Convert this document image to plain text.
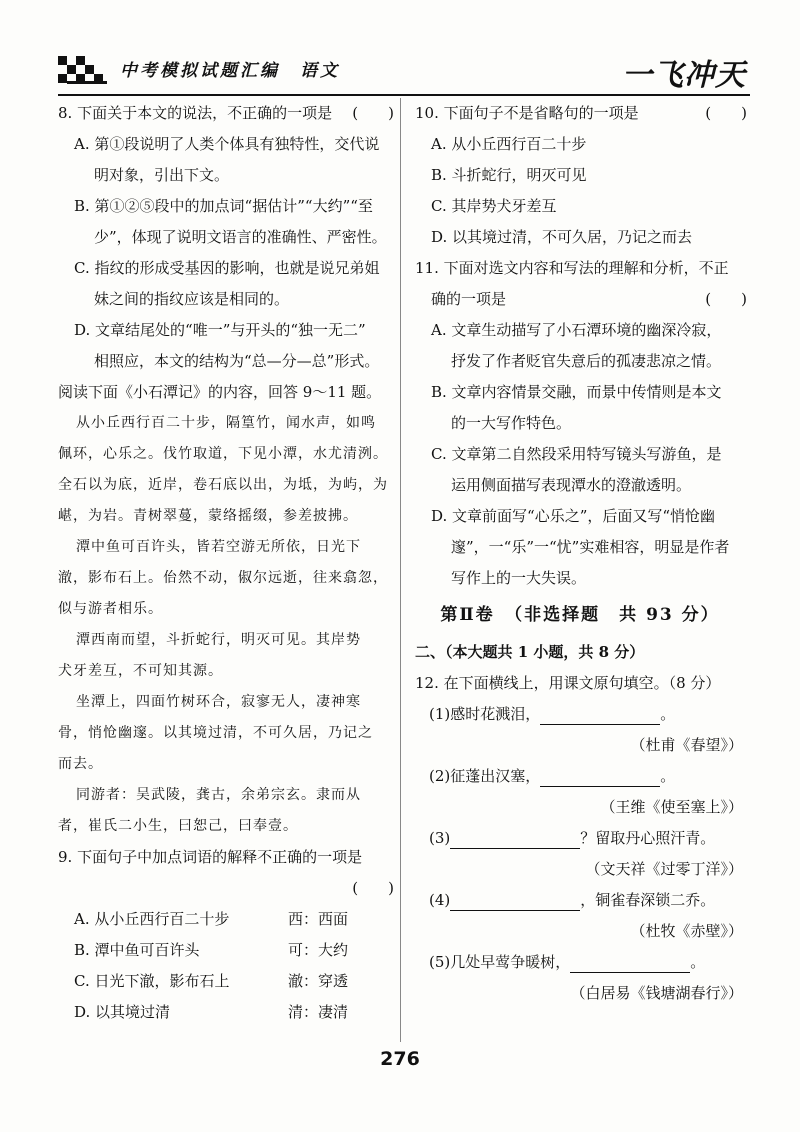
中考模拟试题汇编　语文	一飞冲天
8. 下面关于本文的说法，不正确的一项是 (　　)
A. 第①段说明了人类个体具有独特性，交代说
明对象，引出下文。
B. 第①②⑤段中的加点词“据估计”“大约”“至
少”，体现了说明文语言的准确性、严密性。
C. 指纹的形成受基因的影响，也就是说兄弟姐
妹之间的指纹应该是相同的。
D. 文章结尾处的“唯一”与开头的“独一无二”
相照应，本文的结构为“总—分—总”形式。
阅读下面《小石潭记》的内容，回答 9～11 题。
从小丘西行百二十步，隔篁竹，闻水声，如鸣
佩环，心乐之。伐竹取道，下见小潭，水尤清洌。
全石以为底，近岸，卷石底以出，为坻，为屿，为
嵁，为岩。青树翠蔓，蒙络摇缀，参差披拂。
潭中鱼可百许头，皆若空游无所依，日光下
澈，影布石上。佁然不动，俶尔远逝，往来翕忽，
似与游者相乐。
潭西南而望，斗折蛇行，明灭可见。其岸势
犬牙差互，不可知其源。
坐潭上，四面竹树环合，寂寥无人，凄神寒
骨，悄怆幽邃。以其境过清，不可久居，乃记之
而去。
同游者：吴武陵，龚古，余弟宗玄。隶而从
者，崔氏二小生，曰恕己，曰奉壹。
9. 下面句子中加点词语的解释不正确的一项是
(　　)
A. 从小丘西行百二十步	西：西面
B. 潭中鱼可百许头	可：大约
C. 日光下澈，影布石上	澈：穿透
D. 以其境过清	清：凄清
10. 下面句子不是省略句的一项是	(　　)
A. 从小丘西行百二十步
B. 斗折蛇行，明灭可见
C. 其岸势犬牙差互
D. 以其境过清，不可久居，乃记之而去
11. 下面对选文内容和写法的理解和分析，不正
确的一项是	(　　)
A. 文章生动描写了小石潭环境的幽深冷寂，
抒发了作者贬官失意后的孤凄悲凉之情。
B. 文章内容情景交融，而景中传情则是本文
的一大写作特色。
C. 文章第二自然段采用特写镜头写游鱼，是
运用侧面描写表现潭水的澄澈透明。
D. 文章前面写“心乐之”，后面又写“悄怆幽
邃”，一“乐”一“忧”实难相容，明显是作者
写作上的一大失误。
第Ⅱ卷　（非选择题　共 93 分）
二、（本大题共 1 小题，共 8 分）
12. 在下面横线上，用课文原句填空。（8 分）
(1)感时花溅泪，	。
（杜甫《春望》）
(2)征蓬出汉塞，	。
（王维《使至塞上》）
(3)	？留取丹心照汗青。
（文天祥《过零丁洋》）
(4)	，铜雀春深锁二乔。
（杜牧《赤壁》）
(5)几处早莺争暖树，	。
（白居易《钱塘湖春行》）
276
